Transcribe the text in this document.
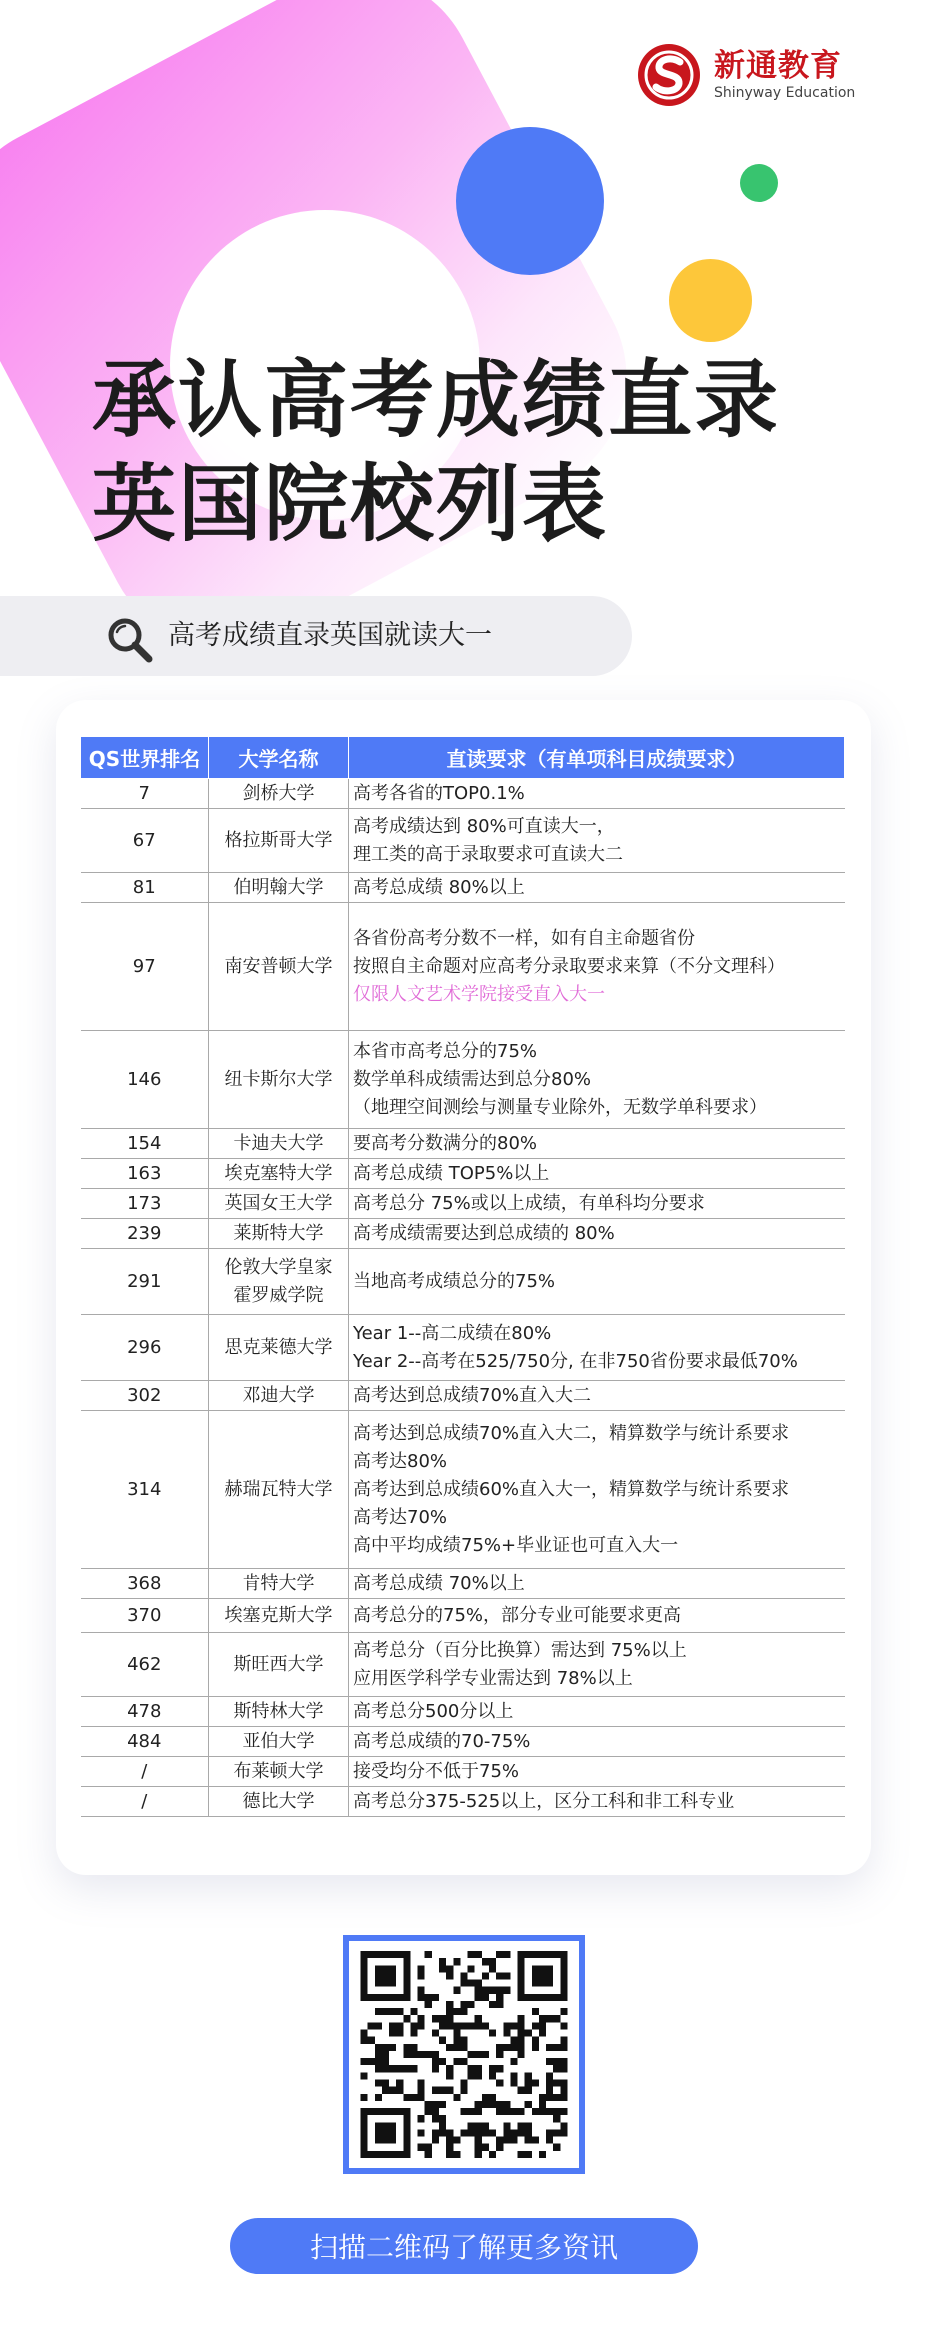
新通教育
Shinyway Education
承认高考成绩直录
英国院校列表
高考成绩直录英国就读大一
QS世界排名	大学名称	直读要求（有单项科目成绩要求）
7	剑桥大学	高考各省的TOP0.1%

67	格拉斯哥大学	高考成绩达到 80%可直读大一，
理工类的高于录取要求可直读大二

81	伯明翰大学	高考总成绩 80%以上

97	南安普顿大学	各省份高考分数不一样，如有自主命题省份
按照自主命题对应高考分录取要求来算（不分文理科）
仅限人文艺术学院接受直入大一

146	纽卡斯尔大学	本省市高考总分的75%
数学单科成绩需达到总分80%
（地理空间测绘与测量专业除外，无数学单科要求）

154	卡迪夫大学	要高考分数满分的80%

163	埃克塞特大学	高考总成绩 TOP5%以上

173	英国女王大学	高考总分 75%或以上成绩，有单科均分要求

239	莱斯特大学	高考成绩需要达到总成绩的 80%

291	伦敦大学皇家
霍罗威学院	当地高考成绩总分的75%

296	思克莱德大学	Year 1--高二成绩在80%
Year 2--高考在525/750分, 在非750省份要求最低70%

302	邓迪大学	高考达到总成绩70%直入大二

314	赫瑞瓦特大学	高考达到总成绩70%直入大二，精算数学与统计系要求
高考达80%
高考达到总成绩60%直入大一，精算数学与统计系要求
高考达70%
高中平均成绩75%+毕业证也可直入大一

368	肯特大学	高考总成绩 70%以上

370	埃塞克斯大学	高考总分的75%，部分专业可能要求更高

462	斯旺西大学	高考总分（百分比换算）需达到 75%以上
应用医学科学专业需达到 78%以上

478	斯特林大学	高考总分500分以上

484	亚伯大学	高考总成绩的70-75%

/	布莱顿大学	接受均分不低于75%

/	德比大学	高考总分375-525以上，区分工科和非工科专业
扫描二维码了解更多资讯
